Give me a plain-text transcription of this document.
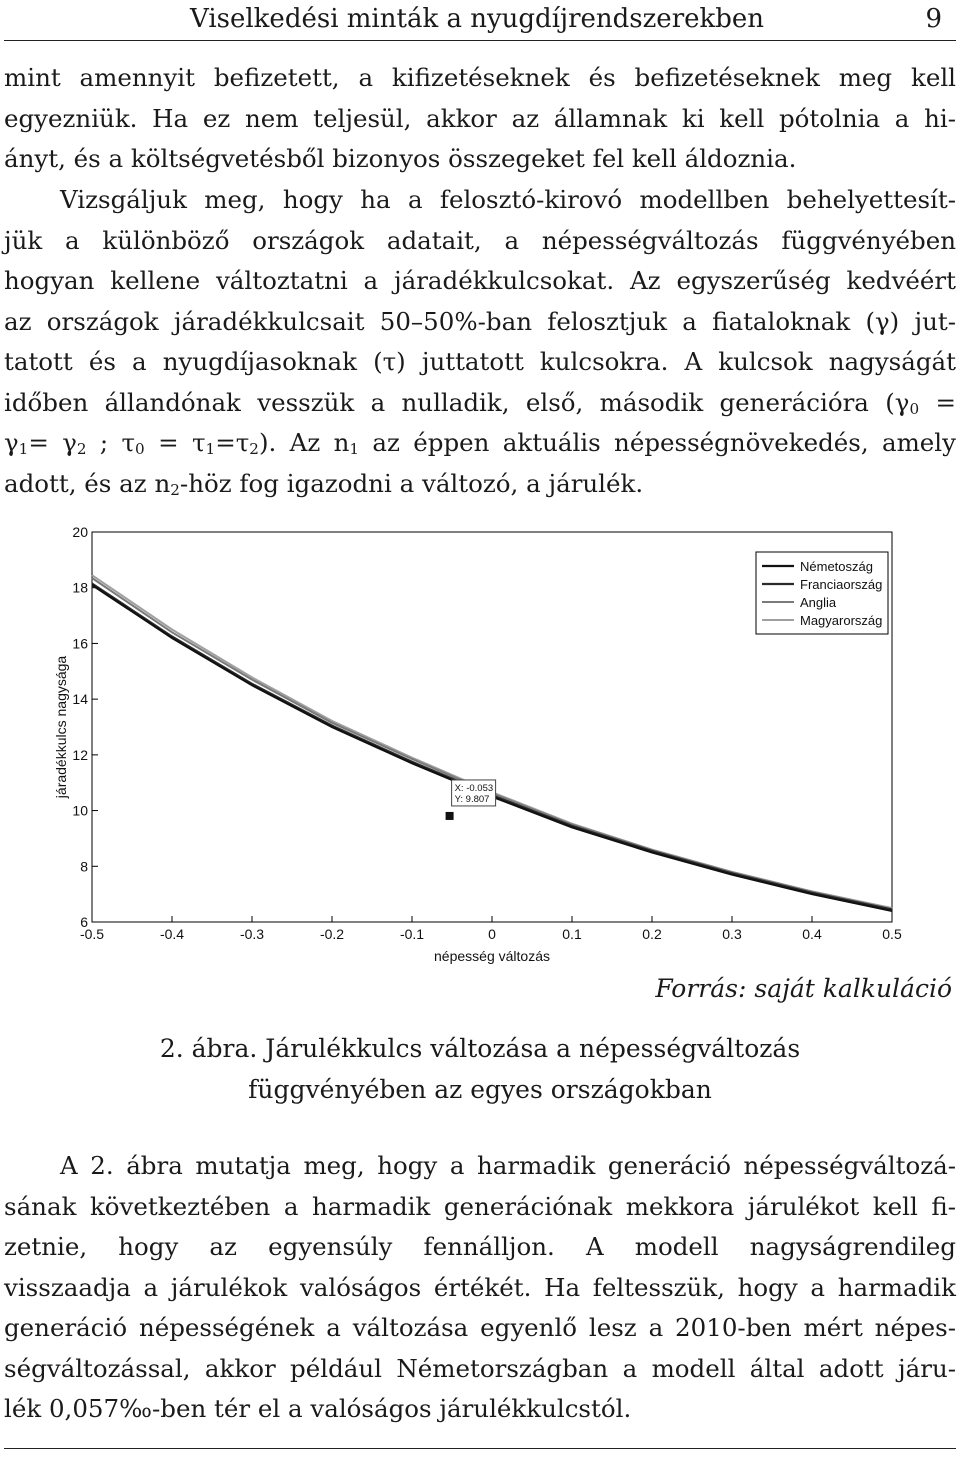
Viselkedési minták a nyugdíjrendszerekben	9
mint amennyit befizetett, a kifizetéseknek és befizetéseknek meg kell
egyezniük. Ha ez nem teljesül, akkor az államnak ki kell pótolnia a hi-
ányt, és a költségvetésből bizonyos összegeket fel kell áldoznia.
Vizsgáljuk meg, hogy ha a felosztó-kirovó modellben behelyettesít-
jük a különböző országok adatait, a népességváltozás függvényében
hogyan kellene változtatni a járadékkulcsokat. Az egyszerűség kedvéért
az országok járadékkulcsait 50–50%-ban felosztjuk a fiataloknak (γ) jut-
tatott és a nyugdíjasoknak (τ) juttatott kulcsokra. A kulcsok nagyságát
időben állandónak vesszük a nulladik, első, második generációra ($\gamma_0$ =
$\gamma_1= \gamma_2$ ; $\tau_0 = \tau_1=\tau_2$). Az $n_1$ az éppen aktuális népességnövekedés, amely
adott, és az $n_2$-höz fog igazodni a változó, a járulék.
-0.5	-0.4	-0.3	-0.2	-0.1	0	0.1	0.2	0.3	0.4	0.5
6
8
10
12
14
16
18
20
népesség változás
járadékkulcs nagysága
Németoszág
Franciaország
Anglia
Magyarország
X: -0.053
Y: 9.807
Forrás: saját kalkuláció
2. ábra. Járulékkulcs változása a népességváltozás
függvényében az egyes országokban
A 2. ábra mutatja meg, hogy a harmadik generáció népességváltozá-
sának következtében a harmadik generációnak mekkora járulékot kell fi-
zetnie, hogy az egyensúly fennálljon. A modell nagyságrendileg
visszaadja a járulékok valóságos értékét. Ha feltesszük, hogy a harmadik
generáció népességének a változása egyenlő lesz a 2010-ben mért népes-
ségváltozással, akkor például Németországban a modell által adott járu-
lék 0,057‰-ben tér el a valóságos járulékkulcstól.
